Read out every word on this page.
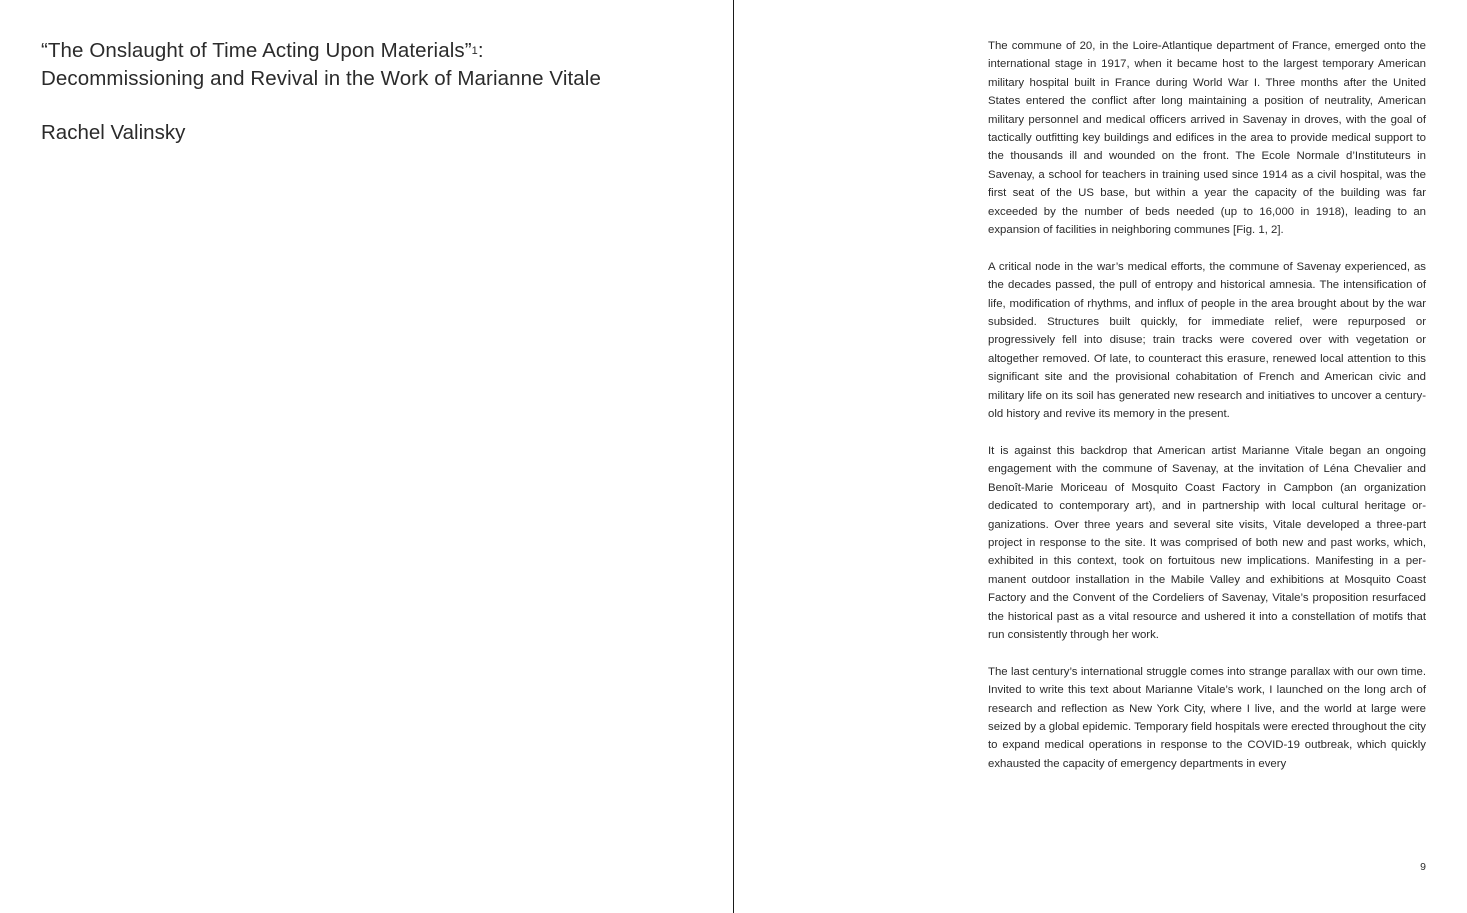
“The Onslaught of Time Acting Upon Materials”$^1$:
Decommissioning and Revival in the Work of Marianne Vitale
Rachel Valinsky

The commune of 20, in the Loire-Atlantique department of France, emerged onto the international stage in 1917, when it became host to the largest temporary American military hospital built in France during World War I. Three months after the United States entered the conflict after long maintaining a position of neutrality, American military personnel and medical officers arrived in Savenay in droves, with the goal of tactically outfitting key buildings and edifices in the area to provide medical support to the thousands ill and wounded on the front. The Ecole Normale d’Instituteurs in Savenay, a school for teachers in training used since 1914 as a civil hospital, was the first seat of the US base, but within a year the capacity of the building was far exceeded by the number of beds needed (up to 16,000 in 1918), leading to an expansion of facilities in neighboring communes [Fig. 1, 2].

A critical node in the war’s medical efforts, the commune of Savenay experienced, as the decades passed, the pull of entropy and historical amnesia. The intensification of life, modification of rhythms, and influx of people in the area brought about by the war subsided. Structures built quickly, for immediate relief, were repurposed or progressively fell into disuse; train tracks were covered over with vegetation or altogether removed. Of late, to counteract this erasure, renewed local attention to this significant site and the provisional cohabitation of French and American civic and military life on its soil has generated new research and initiatives to uncover a century-old history and revive its memory in the present.

It is against this backdrop that American artist Marianne Vitale began an ongoing engagement with the commune of Savenay, at the invitation of Léna Chevalier and Benoît-Marie Moriceau of Mosquito Coast Factory in Campbon (an organization dedicated to contemporary art), and in partnership with local cultural heritage organizations. Over three years and several site visits, Vitale developed a three-part project in response to the site. It was comprised of both new and past works, which, exhibited in this context, took on fortuitous new implications. Manifesting in a permanent outdoor installation in the Mabile Valley and exhibitions at Mosquito Coast Factory and the Convent of the Cordeliers of Savenay, Vitale’s proposition resurfaced the historical past as a vital resource and ushered it into a constellation of motifs that run consistently through her work.

The last century’s international struggle comes into strange parallax with our own time. Invited to write this text about Marianne Vitale’s work, I launched on the long arch of research and reflection as New York City, where I live, and the world at large were seized by a global epidemic. Temporary field hospitals were erected throughout the city to expand medical operations in response to the COVID-19 outbreak, which quickly exhausted the capacity of emergency departments in every

9
